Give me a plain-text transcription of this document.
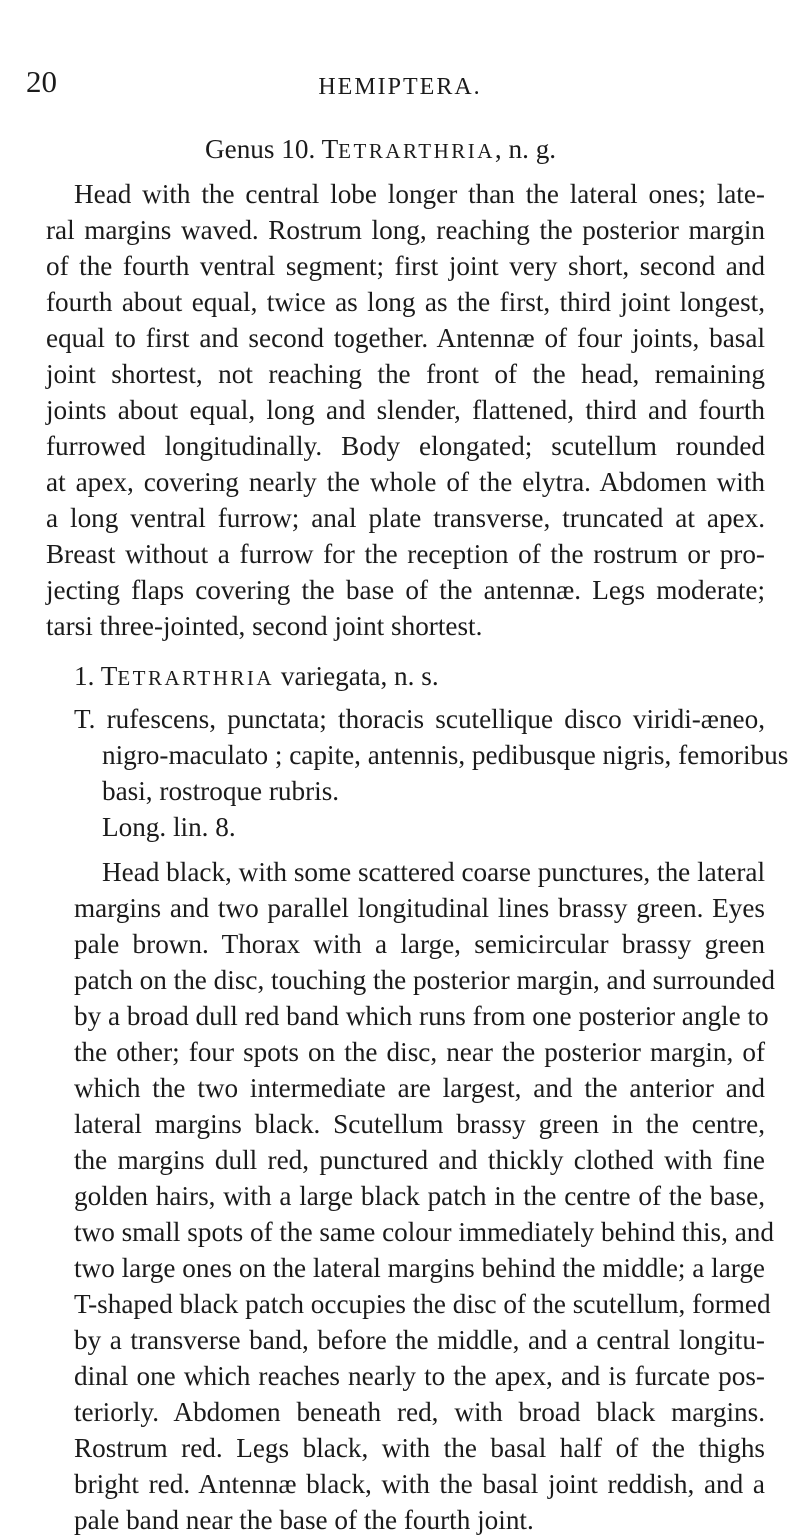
20	HEMIPTERA.
Genus 10. TETRARTHRIA, n. g.
Head with the central lobe longer than the lateral ones; late-
ral margins waved. Rostrum long, reaching the posterior margin
of the fourth ventral segment; first joint very short, second and
fourth about equal, twice as long as the first, third joint longest,
equal to first and second together. Antennæ of four joints, basal
joint shortest, not reaching the front of the head, remaining
joints about equal, long and slender, flattened, third and fourth
furrowed longitudinally. Body elongated; scutellum rounded
at apex, covering nearly the whole of the elytra. Abdomen with
a long ventral furrow; anal plate transverse, truncated at apex.
Breast without a furrow for the reception of the rostrum or pro-
jecting flaps covering the base of the antennæ. Legs moderate;
tarsi three-jointed, second joint shortest.
1. TETRARTHRIA variegata, n. s.
T. rufescens, punctata; thoracis scutellique disco viridi-æneo,
nigro-maculato ; capite, antennis, pedibusque nigris, femoribus
basi, rostroque rubris.
Long. lin. 8.
Head black, with some scattered coarse punctures, the lateral
margins and two parallel longitudinal lines brassy green. Eyes
pale brown. Thorax with a large, semicircular brassy green
patch on the disc, touching the posterior margin, and surrounded
by a broad dull red band which runs from one posterior angle to
the other; four spots on the disc, near the posterior margin, of
which the two intermediate are largest, and the anterior and
lateral margins black. Scutellum brassy green in the centre,
the margins dull red, punctured and thickly clothed with fine
golden hairs, with a large black patch in the centre of the base,
two small spots of the same colour immediately behind this, and
two large ones on the lateral margins behind the middle; a large
T-shaped black patch occupies the disc of the scutellum, formed
by a transverse band, before the middle, and a central longitu-
dinal one which reaches nearly to the apex, and is furcate pos-
teriorly. Abdomen beneath red, with broad black margins.
Rostrum red. Legs black, with the basal half of the thighs
bright red. Antennæ black, with the basal joint reddish, and a
pale band near the base of the fourth joint.
